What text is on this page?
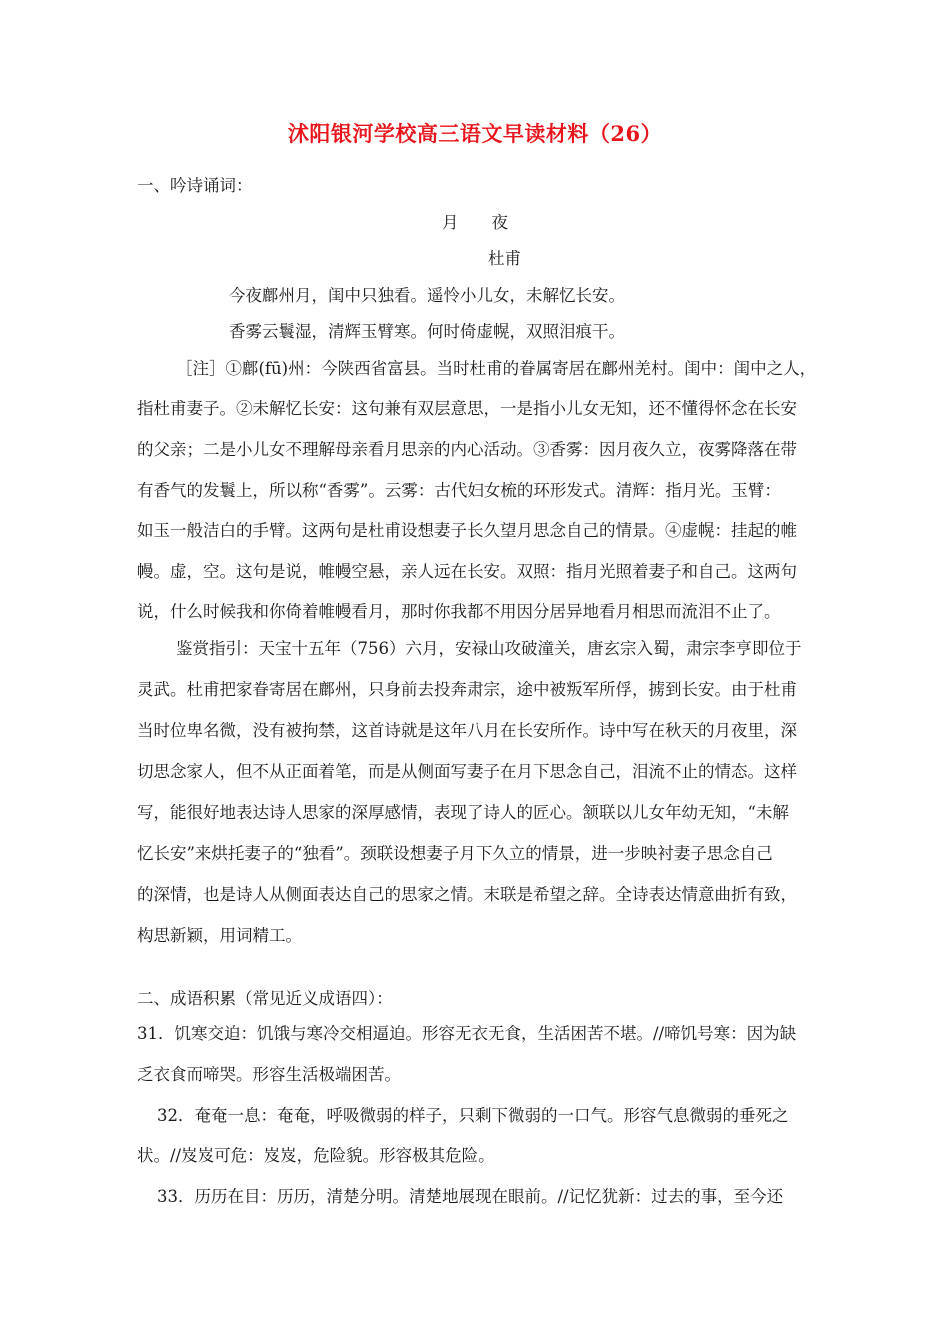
沭阳银河学校高三语文早读材料（26）
一、吟诗诵词：
月　　夜
杜甫
今夜鄜州月，闺中只独看。遥怜小儿女，未解忆长安。
香雾云鬟湿，清辉玉臂寒。何时倚虚幌，双照泪痕干。
［注］①鄜(fū)州：今陕西省富县。当时杜甫的眷属寄居在鄜州羌村。闺中：闺中之人，
指杜甫妻子。②未解忆长安：这句兼有双层意思，一是指小儿女无知，还不懂得怀念在长安
的父亲；二是小儿女不理解母亲看月思亲的内心活动。③香雾：因月夜久立，夜雾降落在带
有香气的发鬟上，所以称“香雾”。云雾：古代妇女梳的环形发式。清辉：指月光。玉臂：
如玉一般洁白的手臂。这两句是杜甫设想妻子长久望月思念自己的情景。④虚幌：挂起的帷
幔。虚，空。这句是说，帷幔空悬，亲人远在长安。双照：指月光照着妻子和自己。这两句
说，什么时候我和你倚着帷幔看月，那时你我都不用因分居异地看月相思而流泪不止了。
鉴赏指引：天宝十五年（756）六月，安禄山攻破潼关，唐玄宗入蜀，肃宗李亨即位于
灵武。杜甫把家眷寄居在鄜州，只身前去投奔肃宗，途中被叛军所俘，掳到长安。由于杜甫
当时位卑名微，没有被拘禁，这首诗就是这年八月在长安所作。诗中写在秋天的月夜里，深
切思念家人，但不从正面着笔，而是从侧面写妻子在月下思念自己，泪流不止的情态。这样
写，能很好地表达诗人思家的深厚感情，表现了诗人的匠心。颔联以儿女年幼无知，“未解
忆长安”来烘托妻子的“独看”。颈联设想妻子月下久立的情景，进一步映衬妻子思念自己
的深情，也是诗人从侧面表达自己的思家之情。末联是希望之辞。全诗表达情意曲折有致，
构思新颖，用词精工。
二、成语积累（常见近义成语四）：
31．饥寒交迫：饥饿与寒冷交相逼迫。形容无衣无食，生活困苦不堪。//啼饥号寒：因为缺
乏衣食而啼哭。形容生活极端困苦。
32．奄奄一息：奄奄，呼吸微弱的样子，只剩下微弱的一口气。形容气息微弱的垂死之
状。//岌岌可危：岌岌，危险貌。形容极其危险。
33．历历在目：历历，清楚分明。清楚地展现在眼前。//记忆犹新：过去的事，至今还
